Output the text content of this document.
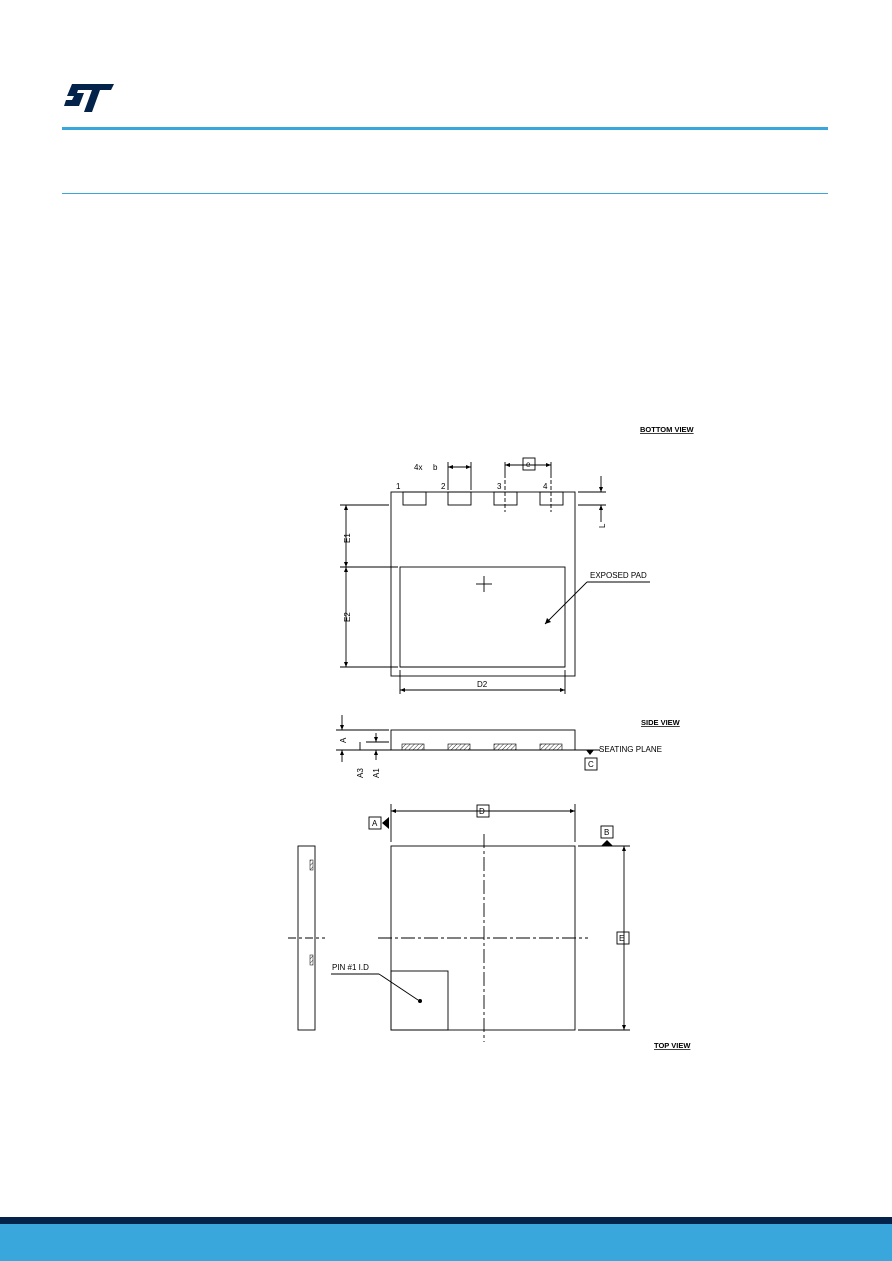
BOTTOM VIEW
4x b	e
1	2	3	4
L
E1
E2
D2
EXPOSED PAD
SIDE VIEW
A
A3 A1
SEATING PLANE
C
TOP VIEW
D
E
A
B
PIN #1 I.D
